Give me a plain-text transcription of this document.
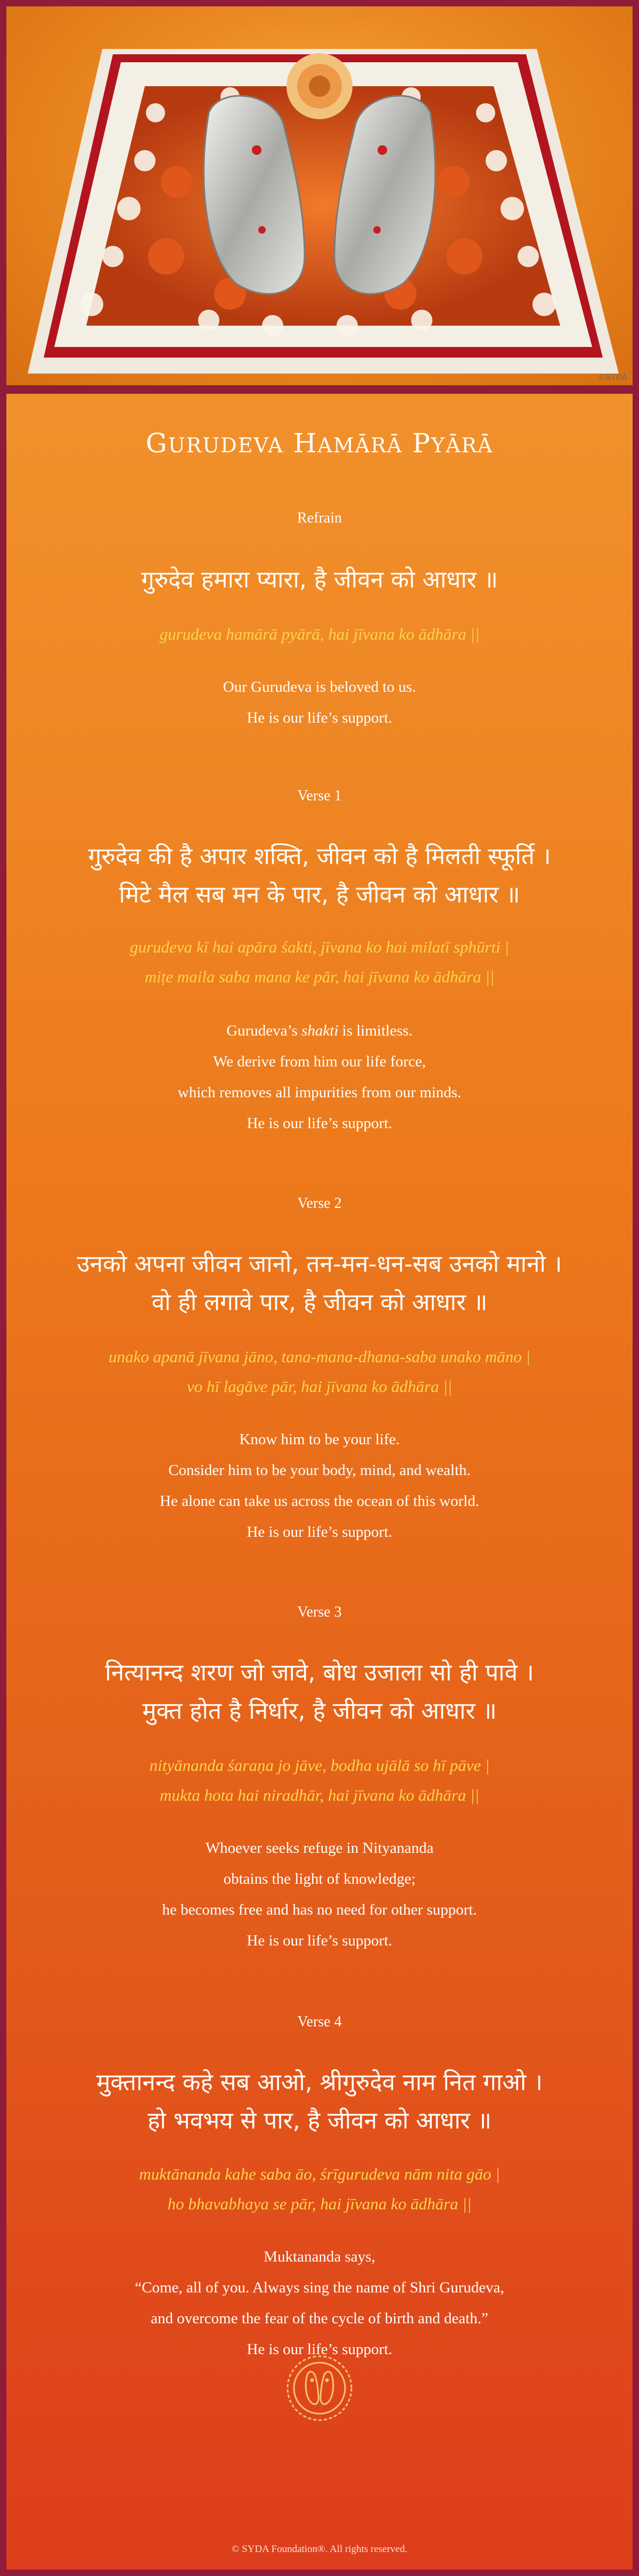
©SYDA
GURUDEVA HAMĀRĀ PYĀRĀ
Refrain
गुरुदेव हमारा प्यारा, है जीवन को आधार ॥
gurudeva hamārā pyārā, hai jīvana ko ādhāra ||
Our Gurudeva is beloved to us.
He is our life’s support.
Verse 1
गुरुदेव की है अपार शक्ति, जीवन को है मिलती स्फूर्ति ।
मिटे मैल सब मन के पार, है जीवन को आधार ॥
gurudeva kī hai apāra śakti, jīvana ko hai milatī sphūrti |
miṭe maila saba mana ke pār, hai jīvana ko ādhāra ||
Gurudeva’s shakti is limitless.
We derive from him our life force,
which removes all impurities from our minds.
He is our life’s support.
Verse 2
उनको अपना जीवन जानो, तन-मन-धन-सब उनको मानो ।
वो ही लगावे पार, है जीवन को आधार ॥
unako apanā jīvana jāno, tana-mana-dhana-saba unako māno |
vo hī lagāve pār, hai jīvana ko ādhāra ||
Know him to be your life.
Consider him to be your body, mind, and wealth.
He alone can take us across the ocean of this world.
He is our life’s support.
Verse 3
नित्यानन्द शरण जो जावे, बोध उजाला सो ही पावे ।
मुक्त होत है निर्धार, है जीवन को आधार ॥
nityānanda śaraṇa jo jāve, bodha ujālā so hī pāve |
mukta hota hai niradhār, hai jīvana ko ādhāra ||
Whoever seeks refuge in Nityananda
obtains the light of knowledge;
he becomes free and has no need for other support.
He is our life’s support.
Verse 4
मुक्तानन्द कहे सब आओ, श्रीगुरुदेव नाम नित गाओ ।
हो भवभय से पार, है जीवन को आधार ॥
muktānanda kahe saba āo, śrīgurudeva nām nita gāo |
ho bhavabhaya se pār, hai jīvana ko ādhāra ||
Muktananda says,
“Come, all of you. Always sing the name of Shri Gurudeva,
and overcome the fear of the cycle of birth and death.”
He is our life’s support.
© SYDA Foundation®. All rights reserved.
